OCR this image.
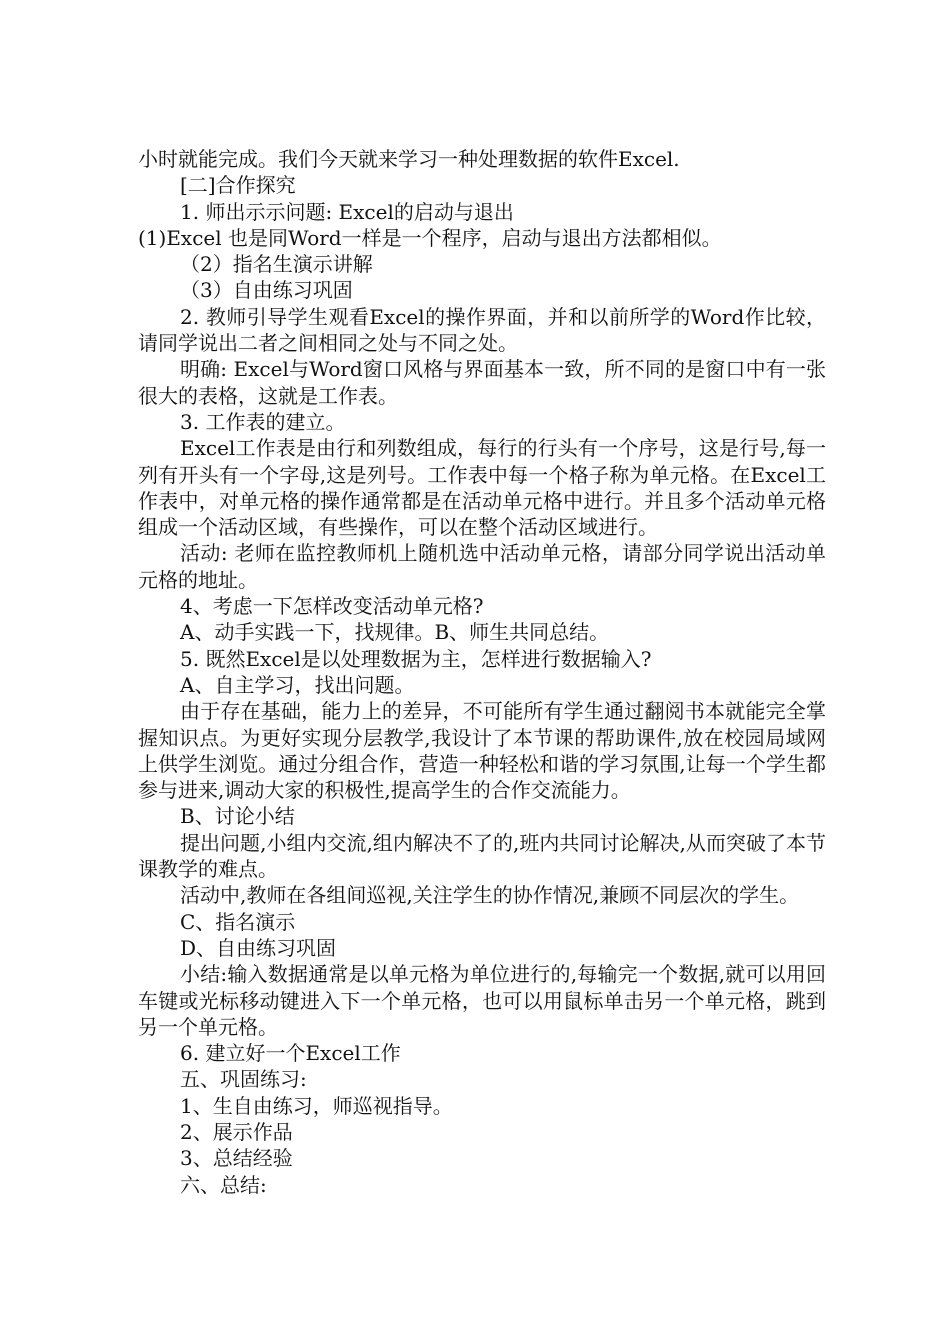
小时就能完成。我们今天就来学习一种处理数据的软件Excel.

[二]合作探究

1. 师出示示问题: Excel的启动与退出

(1)Excel 也是同Word一样是一个程序，启动与退出方法都相似。

（2）指名生演示讲解

（3）自由练习巩固

2. 教师引导学生观看Excel的操作界面，并和以前所学的Word作比较，请同学说出二者之间相同之处与不同之处。

明确: Excel与Word窗口风格与界面基本一致，所不同的是窗口中有一张很大的表格，这就是工作表。

3. 工作表的建立。

Excel工作表是由行和列数组成，每行的行头有一个序号，这是行号,每一列有开头有一个字母,这是列号。工作表中每一个格子称为单元格。在Excel工作表中，对单元格的操作通常都是在活动单元格中进行。并且多个活动单元格组成一个活动区域，有些操作，可以在整个活动区域进行。

活动: 老师在监控教师机上随机选中活动单元格，请部分同学说出活动单元格的地址。

4、考虑一下怎样改变活动单元格?

A、动手实践一下，找规律。B、师生共同总结。

5. 既然Excel是以处理数据为主，怎样进行数据输入?

A、自主学习，找出问题。

由于存在基础，能力上的差异，不可能所有学生通过翻阅书本就能完全掌握知识点。为更好实现分层教学,我设计了本节课的帮助课件,放在校园局域网上供学生浏览。通过分组合作，营造一种轻松和谐的学习氛围,让每一个学生都参与进来,调动大家的积极性,提高学生的合作交流能力。

B、讨论小结

提出问题,小组内交流,组内解决不了的,班内共同讨论解决,从而突破了本节课教学的难点。

活动中,教师在各组间巡视,关注学生的协作情况,兼顾不同层次的学生。

C、指名演示

D、自由练习巩固

小结:输入数据通常是以单元格为单位进行的,每输完一个数据,就可以用回车键或光标移动键进入下一个单元格，也可以用鼠标单击另一个单元格，跳到另一个单元格。

6. 建立好一个Excel工作

五、巩固练习:

1、生自由练习，师巡视指导。

2、展示作品

3、总结经验

六、总结:
